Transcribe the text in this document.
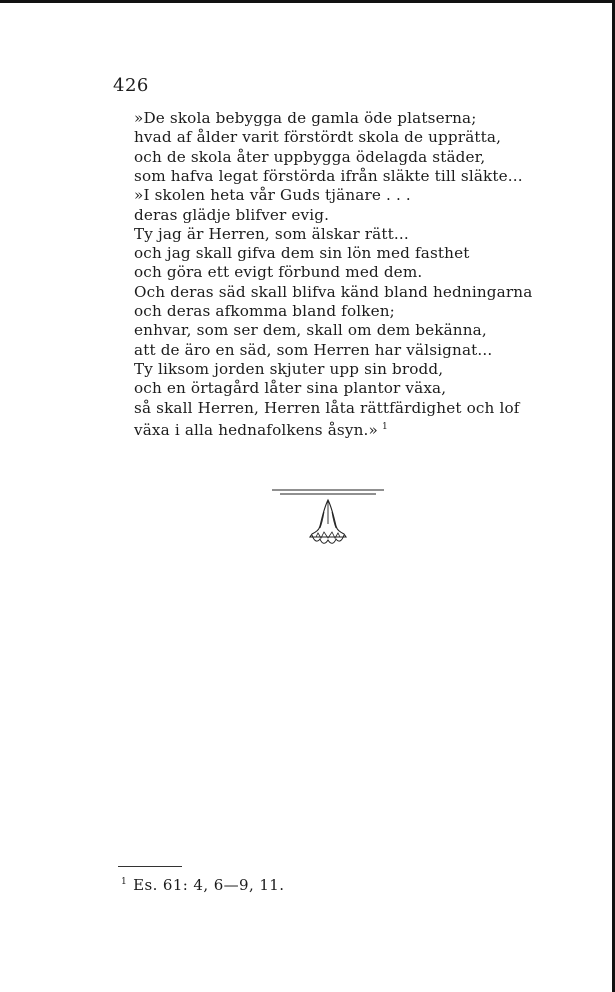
426
»De skola bebygga de gamla öde platserna;
hvad af ålder varit förstördt skola de upprätta,
och de skola åter uppbygga ödelagda städer,
som hafva legat förstörda ifrån släkte till släkte...
»I skolen heta vår Guds tjänare . . .
deras glädje blifver evig.
Ty jag är Herren, som älskar rätt...
och jag skall gifva dem sin lön med fasthet
och göra ett evigt förbund med dem.
Och deras säd skall blifva känd bland hedningarna
och deras afkomma bland folken;
enhvar, som ser dem, skall om dem bekänna,
att de äro en säd, som Herren har välsignat...
Ty liksom jorden skjuter upp sin brodd,
och en örtagård låter sina plantor växa,
så skall Herren, Herren låta rättfärdighet och lof
växa i alla hednafolkens åsyn.» $^1$
$^1$ Es. 61: 4, 6—9, 11.
